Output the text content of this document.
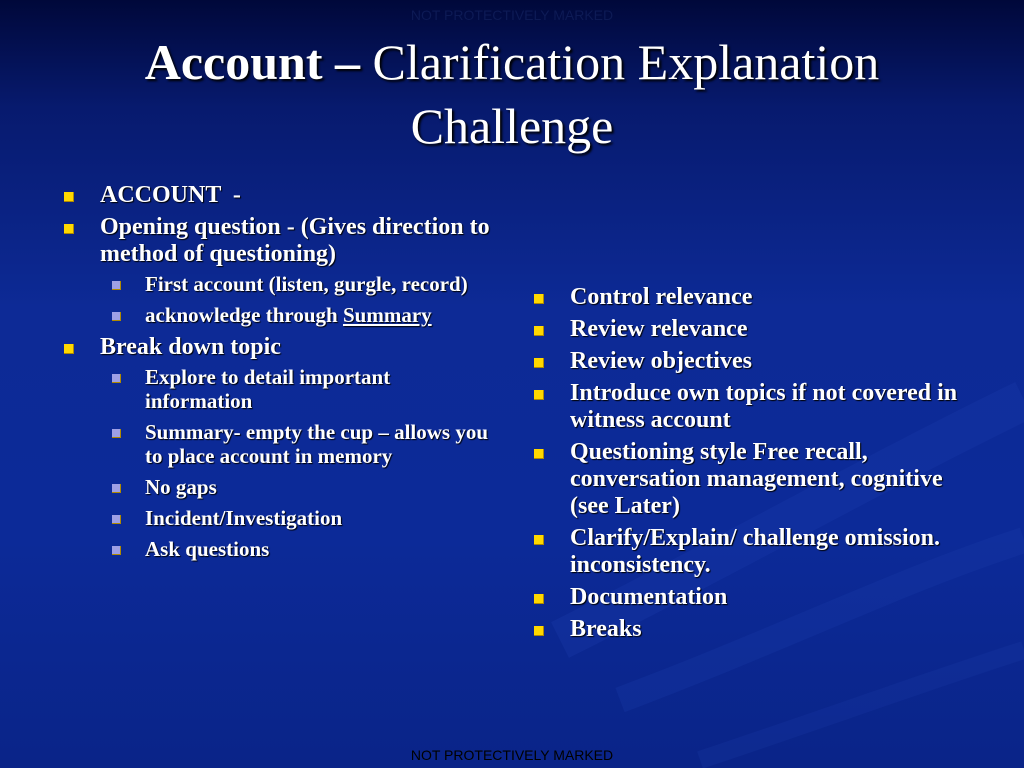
NOT PROTECTIVELY MARKED
Account – Clarification Explanation
Challenge
ACCOUNT  -
Opening question - (Gives direction to method of questioning)
First account (listen, gurgle, record)
acknowledge through Summary
Break down topic
Explore to detail important information
Summary- empty the cup – allows you to place account in memory
No gaps
Incident/Investigation
Ask questions
Control relevance
Review relevance
Review objectives
Introduce own topics if not covered in witness account
Questioning style Free recall, conversation management, cognitive (see Later)
Clarify/Explain/ challenge omission. inconsistency.
Documentation
Breaks
NOT PROTECTIVELY MARKED
